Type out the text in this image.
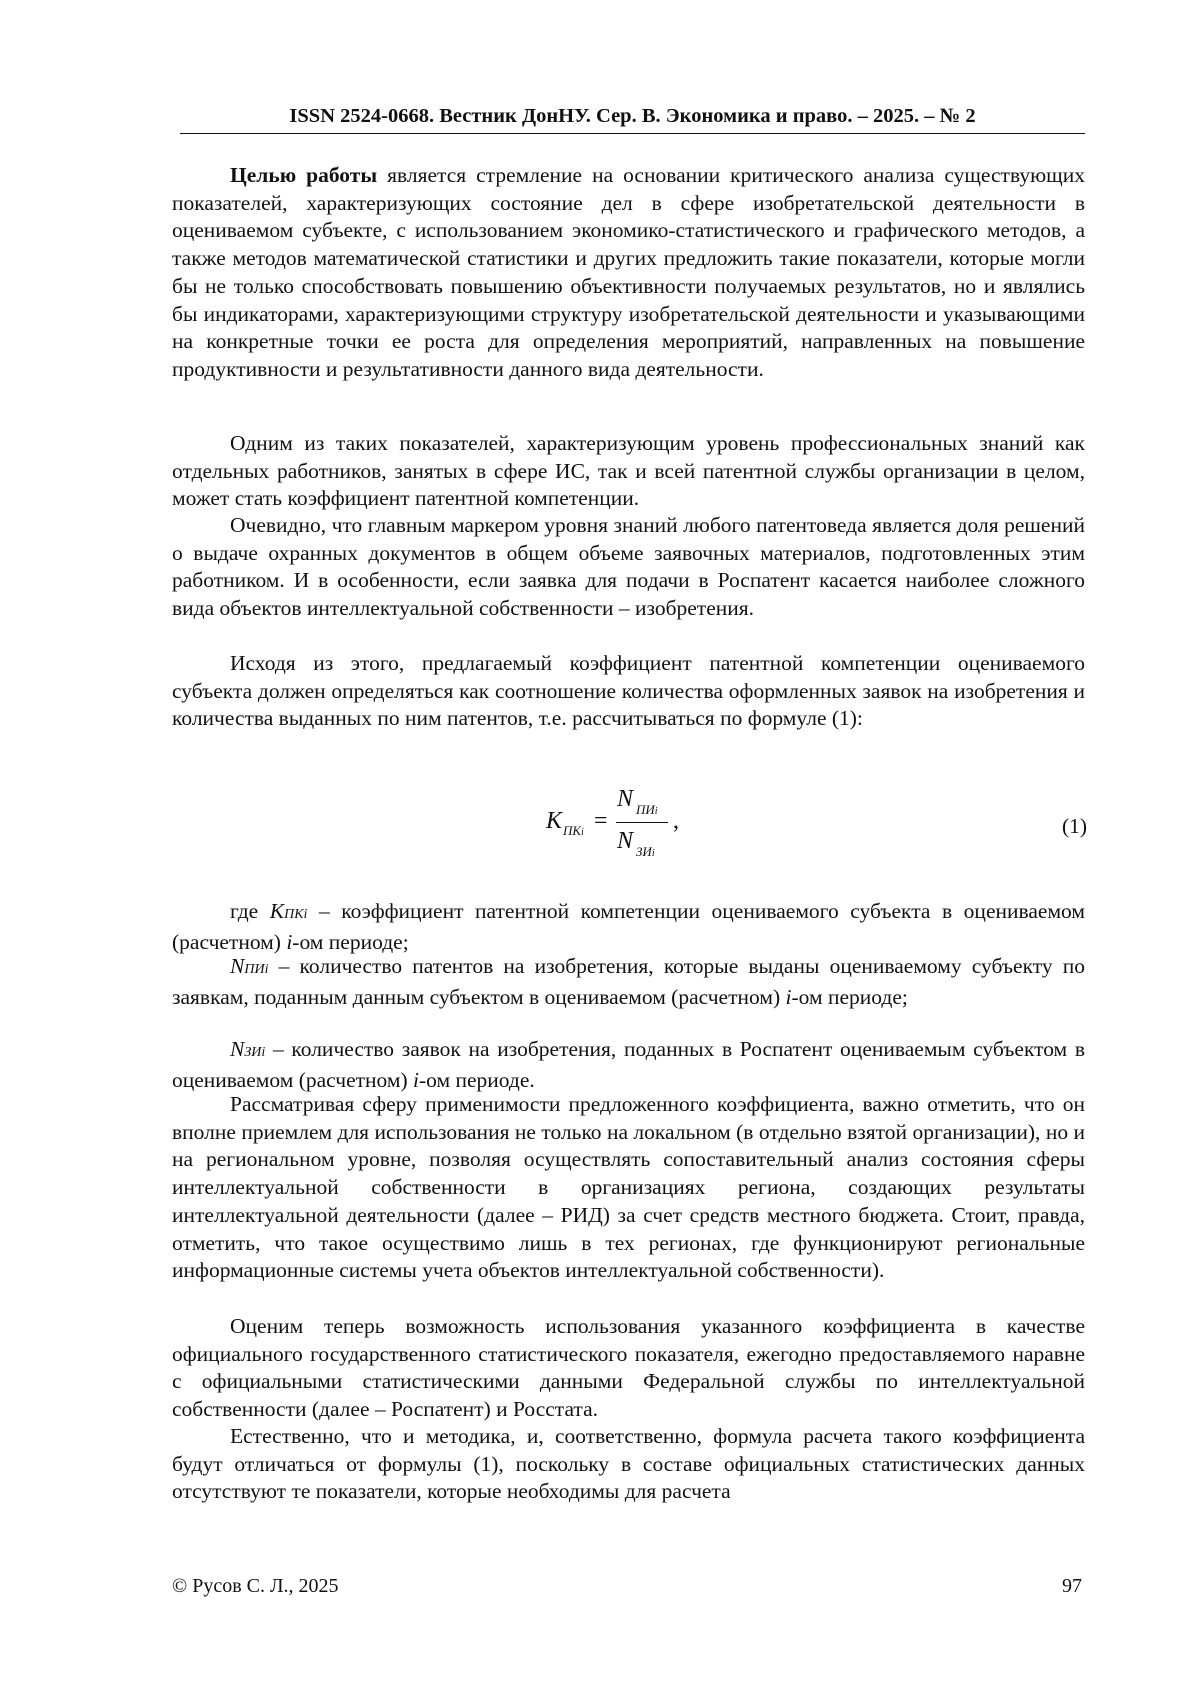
ISSN 2524-0668. Вестник ДонНУ. Сер. В. Экономика и право. – 2025. – № 2

Целью работы является стремление на основании критического анализа существующих показателей, характеризующих состояние дел в сфере изобретательской деятельности в оцениваемом субъекте, с использованием экономико-статистического и графического методов, а также методов математической статистики и других предложить такие показатели, которые могли бы не только способствовать повышению объективности получаемых результатов, но и являлись бы индикаторами, характеризующими структуру изобретательской деятельности и указывающими на конкретные точки ее роста для определения мероприятий, направленных на повышение продуктивности и результативности данного вида деятельности.

Одним из таких показателей, характеризующим уровень профессиональных знаний как отдельных работников, занятых в сфере ИС, так и всей патентной службы организации в целом, может стать коэффициент патентной компетенции.

Очевидно, что главным маркером уровня знаний любого патентоведа является доля решений о выдаче охранных документов в общем объеме заявочных материалов, подготовленных этим работником. И в особенности, если заявка для подачи в Роспатент касается наиболее сложного вида объектов интеллектуальной собственности – изобретения.

Исходя из этого, предлагаемый коэффициент патентной компетенции оцениваемого субъекта должен определяться как соотношение количества оформленных заявок на изобретения и количества выданных по ним патентов, т.е. рассчитываться по формуле (1):

K ПКi =
N ПИi
N ЗИi
,	(1)

где KПКi – коэффициент патентной компетенции оцениваемого субъекта в оцениваемом (расчетном) i-ом периоде;

NПИi – количество патентов на изобретения, которые выданы оцениваемому субъекту по заявкам, поданным данным субъектом в оцениваемом (расчетном) i-ом периоде;

NЗИi – количество заявок на изобретения, поданных в Роспатент оцениваемым субъектом в оцениваемом (расчетном) i-ом периоде.

Рассматривая сферу применимости предложенного коэффициента, важно отметить, что он вполне приемлем для использования не только на локальном (в отдельно взятой организации), но и на региональном уровне, позволяя осуществлять сопоставительный анализ состояния сферы интеллектуальной собственности в организациях региона, создающих результаты интеллектуальной деятельности (далее – РИД) за счет средств местного бюджета. Стоит, правда, отметить, что такое осуществимо лишь в тех регионах, где функционируют региональные информационные системы учета объектов интеллектуальной собственности).

Оценим теперь возможность использования указанного коэффициента в качестве официального государственного статистического показателя, ежегодно предоставляемого наравне с официальными статистическими данными Федеральной службы по интеллектуальной собственности (далее – Роспатент) и Росстата.

Естественно, что и методика, и, соответственно, формула расчета такого коэффициента будут отличаться от формулы (1), поскольку в составе официальных статистических данных отсутствуют те показатели, которые необходимы для расчета

© Русов С. Л., 2025	97
